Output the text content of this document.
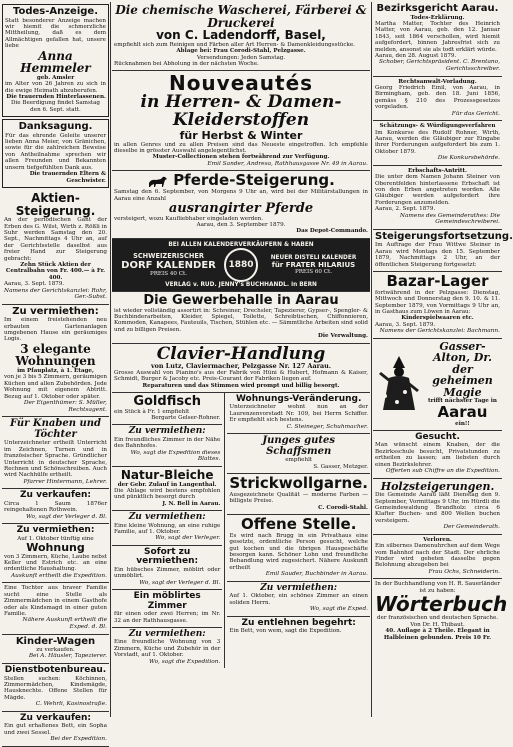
Todes-Anzeige.

Statt besonderer Anzeige machen wir hiemit die schmerzliche Mittheilung, daß es dem Allmächtigen gefallen hat, unsere liebe

Anna Hemmeler

geb. Amsler

im Alter von 26 Jahren zu sich in die ewige Heimath abzuberufen.

Die trauernden Hinterlassenen.

Die Beerdigung findet Samstag den 6. Sept. statt.

Danksagung.

Für das ehrende Geleite unserer lieben Anna Meier, von Gränichen, sowie für die zahlreichen Beweise von Antheilnahme sprechen wir allen Freunden und Bekannten unsern tiefgefühlten Dank aus.

Die trauernden Eltern & Geschwister.

Aktien-Steigerung.

An der periodischen Gant der Erben des G. Wilst, Wirth z. Rößli in Suhr werden Samstag den 20. Sept., Nachmittags 4 Uhr an, auf der Gerichtsstelle daselbst aus freier Hand zur Steigerung gebracht:

Zehn Stück Aktien der Centralbahn von Fr. 400.— à Fr. 400.

Aarau, 3. Sept. 1879.

Namens der Gerichtskanzlei: Rohr, Ger.-Subst.

Zu vermiethen:

Im einem freistehenden neu erbauten Gartenanlagen umgebenen Hause ein geräumiges Logis.

3 elegante Wohnungen

im Pfauplatz, à 1. Etage,

von je 3 bis 5 Zimmern, geräumigen Küchen und allen Zubehörden. Jede Wohnung mit eigenem Abtritt. Bezug auf 1. Oktober oder später.

Der Eigenthümer: S. Müller, Rechtsagent.

Für Knaben und Töchter

Unterzeichneter ertheilt Unterricht im Zeichnen, Turnen und in französischer Sprache. Gründlicher Unterricht in deutscher Sprache, Rechnen und Schönschreiben. Auch wird Nachhülfe ertheilt.

Pfarrer Hintermann, Lehrer.

Zu verkaufen:

Circa 1 Saum 1876er reingehaltenen Rothwein.

Wo, sagt der Verleger d. Bl.

Zu vermiethen:

Auf 1. Oktober tünftig eine

Wohnung

von 3 Zimmern, Küche, Laube nebst Keller und Estrich etc. an eine ordentliche Haushaltung.

Auskunft ertheilt die Expedition.

Eine Tochter aus braver Familie sucht eine Stelle als Zimmermädchen in einem Gasthofe oder als Kindsmagd in einer guten Familie.

Nähere Auskunft ertheilt die Exped. d. Bl.

Kinder-Wagen

zu verkaufen.

Bei A. Häusler, Tapezierer.

Dienstbotenbureau.

Stellen suchen: Köchinnen, Zimmermädchen, Kindsmägde, Hausknechte. Offene Stellen für Mägde.

C. Wehrli, Kasinostraße.

Zu verkaufen:

Ein gut erhaltenes Bett, ein Sopha und zwei Sessel.

Bei der Expedition.

Die chemische Wascherei, Färberei & Druckerei
von C. Ladendorff, Basel,

empfiehlt sich zum Reinigen und Färben aller Art Herren- & Damenkleidungsstücke.

Ablage bei: Frau Corodi-Stahl, Pelzgasse.

Versendungen: Jeden Samstag.

Rücknahmen bei Abholung in der nächsten Woche.

Nouveautés
in Herren- & Damen-Kleiderstoffen
für Herbst & Winter

in allen Genres und zu allen Preisen sind das Neueste eingetroffen. Ich empfehle dieselbe in grösster Auswahl angelegentlichst.

Muster-Collectionen stehen fortwährend zur Verfügung.

Emil Sander, Andresa, Rathhausgasse Nr. 49 in Aarau.

Pferde-Steigerung.

Samstag den 6. September, von Morgens 9 Uhr an, wird bei der Militärstallungen in Aarau eine Anzahl

ausrangirter Pferde

versteigert, wozu Kaufliebhaber eingeladen werden.

Aarau, den 3. September 1879.

Das Depot-Commando.

BEI ALLEN KALENDERVERKÄUFERN & HABEN
SCHWEIZERISCHER
DORF KALENDER
PREIS 40 Ct.
1880
NEUER DISTELI KALENDER
für FRATER HILARIUS
PREIS 60 Ct.
VERLAG v. RUD. JENNY's BUCHHANDL. in BERN
Die Gewerbehalle in Aarau

ist wieder vollständig assortirt in: Schreiner, Drechsler, Tapezierer, Gypser-, Spengler- & Buchbinderarbeiten, Kleider, Spiegel, Toilette, Schreibtischen, Chiffonnieren, Kommoden, Kanapees, Fauteuils, Tischen, Stühlen etc. — Sämmtliche Arbeiten sind solid und zu billigen Preisen.

Die Verwaltung.

Clavier-Handlung

von Lutz, Claviermacher, Pelzgasse Nr. 127 Aarau.

Grosse Auswahl von Pianino's aus der Fabrik von Hüni & Hubert, Hofmann & Kaiser, Schmidt, Burger & Jacoby etc. Preis-Courant der Fabriken liegen auf.

Reparaturen und das Stimmen wird prompt und billig besorgt.

Goldfisch

ein Stück à Fr. 1 empfiehlt

Bergarte Gelser-Rohner.

Zu vermiethen:

Ein freundliches Zimmer in der Nähe des Bahnhofes.

Wo, sagt die Expedition dieses Blattes.

Natur-Bleiche

der Gebr. Zulauf in Langenthal.

Die Ablage wird bestens empfohlen und pünktlich besorgt durch

J. N. Bell in Aarau.

Zu vermiethen:

Eine kleine Wohnung, an eine ruhige Familie, auf 1. Oktober.

Wo, sagt der Verleger.

Sofort zu vermiethen:

Ein hübsches Zimmer, möblirt oder unmöblirt.

Wo, sagt der Verleger d. Bl.

Ein möblirtes Zimmer

für einen oder zwei Herren; im Nr. 32 an der Rathhausgasse.

Zu vermiethen:

Eine freundliche Wohnung von 3 Zimmern, Küche und Zubehör in der Vorstadt, auf 1. Oktober.

Wo, sagt die Expedition.

Wohnungs-Veränderung.

Unterzeichneter wohnt nun an der Laurenzenvorstadt Nr. 109, bei Herrn Schiffer. Er empfiehlt sich bestens.

C. Steineger, Schuhmacher.

Junges gutes Schaffsmen

empfiehlt

S. Gasser, Metzger.

Strickwollgarne.

Ausgezeichnete Qualität — moderne Farben — billigste Preise.

C. Corodi-Stahl.

Offene Stelle.

Es wird nach Brugg in ein Privathaus eine gesetzte, ordentliche Person gesucht, welche gut kochen und die übrigen Hausgeschäfte besorgen kann. Schöner Lohn und freundliche Behandlung wird zugesichert. Nähere Auskunft ertheilt

Emil Sauder, Buchbinder in Aarau.

Zu vermiethen:

Auf 1. Oktober, ein schönes Zimmer an einen soliden Herrn.

Wo, sagt die Exped.

Zu entlehnen begehrt:

Ein Bett, von wem, sagt die Expedition.

Bezirksgericht Aarau.

Todes-Erklärung.

Martha Matter, Tochter des Heinrich Matter, von Aarau, geb. den 12. Januar 1843, seit 1864 verschollen, wird hiemit aufgefordert, binnen Jahresfrist sich zu melden, ansonst sie als todt erklärt würde.

Aarau, den 28. August 1879.

Schober, Gerichtspräsident. C. Brentano, Gerichtsschreiber.

Rechtsanwalt-Vorladung.

Georg Friedrich Emil, von Aarau, in Birmingham, geb. den 18. Juni 1856, gemäss § 210 des Prozessgesetzes vorgeladen.

Für das Gericht.

Schätzungs- & Würdigungsverfahren

Im Konkurse des Rudolf Rohner, Wirth, Aarau, werden die Gläubiger zur Eingabe ihrer Forderungen aufgefordert bis zum 1. Oktober 1879.

Die Konkursbehörde.

Erbschafts-Antritt.

Die unter dem Namen Johann Steiner von Oberentfelden hinterlassene Erbschaft ist von den Erben angetreten worden. Alle Gläubiger werden aufgefordert ihre Forderungen anzumelden.

Aarau, 2. Sept. 1879.

Namens des Gemeinderathes: Die Gemeindeschreiberei.

Steigerungsfortsetzung.

Im Auftrage der Frau Wittwe Steiner in Aarau wird Montags den 15. September 1879, Nachmittags 2 Uhr, an der öffentlichen Steigerung fortgesetzt:

Bazar-Lager

fortwährend in der Pelzgasse: Dienstag, Mittwoch und Donnerstag den 9. 10. & 11. September 1879, von Vormittags 9 Uhr an, in Gasthaus zum Löwen in Aarau:

Kinderspielwaaren etc.

Aarau, 3. Sept. 1879.

Namens der Gerichtskanzlei: Bachmann.

Gasser-Alton, Dr. der geheimen Magie

trifft nächster Tage in

Aarau

ein!!

Gesucht.

Man wünscht einem Knaben, der die Bezirksschule besucht, Privatstunden zu ertheilen zu lassen; am liebsten durch einen Bezirkslehrer.

Offerten sub Chiffre an die Expedition.

Holzsteigerungen.

Die Gemeinde Aarau läßt Dienstag den 9. September, Vormittags 9 Uhr, im Hürdli die Gemeindewaldung Brandholz: circa 6 Klafter Buchen- und 800 Wellen buchen versteigern.

Der Gemeinderath.

Verloren.

Ein silbernes Damenuhrchen auf dem Wege vom Bahnhof nach der Stadt. Der ehrliche Finder wird gebeten dasselbe gegen Belohnung abzugeben bei

Frau Ochs, Schneiderin.

In der Buchhandlung von H. R. Sauerländer ist zu haben:

Wörterbuch

der französischen und deutschen Sprache. Von Dr. H. Thibaut.

40. Auflage à 2 Theile. Elegant in Halbleinen gebunden. Preis 10 Fr.
